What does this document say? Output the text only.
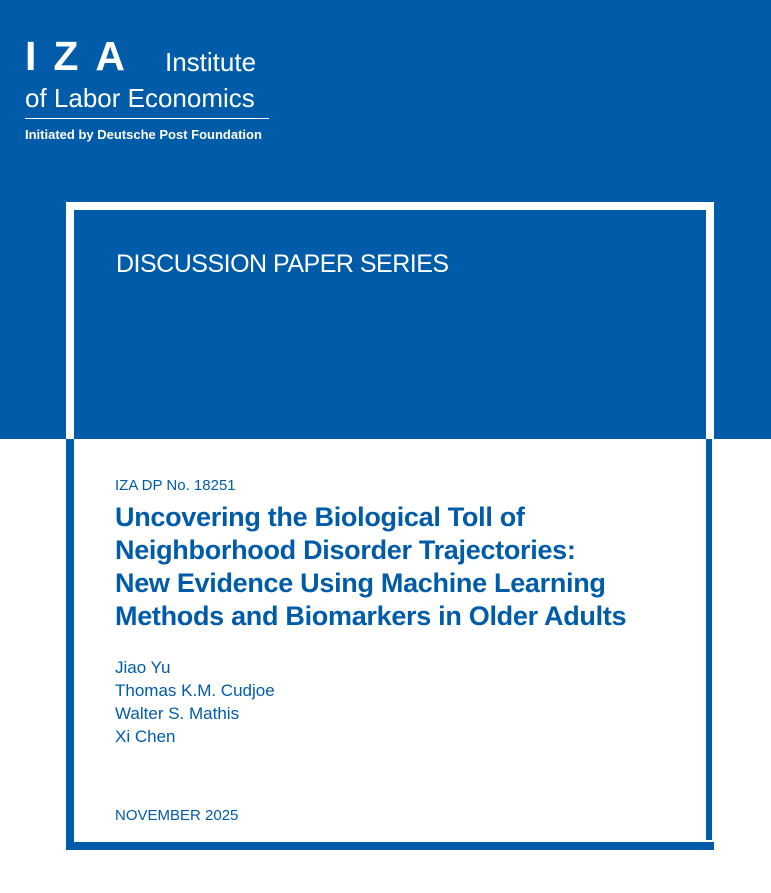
IZA Institute
of Labor Economics
Initiated by Deutsche Post Foundation
DISCUSSION PAPER SERIES
IZA DP No. 18251
Uncovering the Biological Toll of
Neighborhood Disorder Trajectories:
New Evidence Using Machine Learning
Methods and Biomarkers in Older Adults
Jiao Yu
Thomas K.M. Cudjoe
Walter S. Mathis
Xi Chen
NOVEMBER 2025
